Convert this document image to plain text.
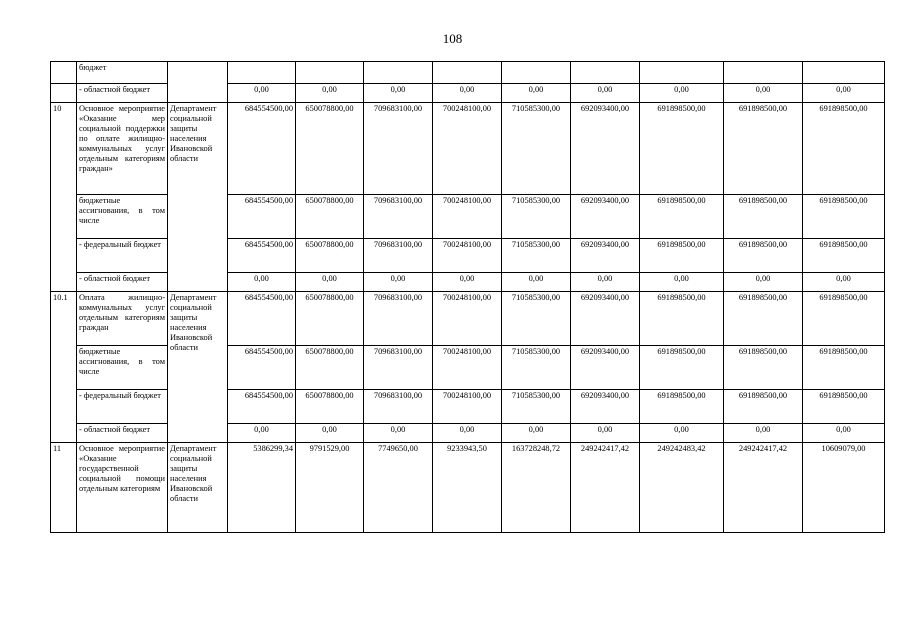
108
	бюджет										
	- областной бюджет		0,00	0,00	0,00	0,00	0,00	0,00	0,00	0,00	0,00
10	Основное мероприятие «Оказание мер социальной поддержки по оплате жилищно-коммунальных услуг отдельным категориям граждан»	Департамент социальной защиты населения Ивановской области	684554500,00	650078800,00	709683100,00	700248100,00	710585300,00	692093400,00	691898500,00	691898500,00	691898500,00
	бюджетные ассигнования, в том числе		684554500,00	650078800,00	709683100,00	700248100,00	710585300,00	692093400,00	691898500,00	691898500,00	691898500,00
	- федеральный бюджет		684554500,00	650078800,00	709683100,00	700248100,00	710585300,00	692093400,00	691898500,00	691898500,00	691898500,00
	- областной бюджет		0,00	0,00	0,00	0,00	0,00	0,00	0,00	0,00	0,00
10.1	Оплата жилищно-коммунальных услуг отдельным категориям граждан	Департамент социальной защиты населения Ивановской области	684554500,00	650078800,00	709683100,00	700248100,00	710585300,00	692093400,00	691898500,00	691898500,00	691898500,00
	бюджетные ассигнования, в том числе		684554500,00	650078800,00	709683100,00	700248100,00	710585300,00	692093400,00	691898500,00	691898500,00	691898500,00
	- федеральный бюджет		684554500,00	650078800,00	709683100,00	700248100,00	710585300,00	692093400,00	691898500,00	691898500,00	691898500,00
	- областной бюджет		0,00	0,00	0,00	0,00	0,00	0,00	0,00	0,00	0,00
11	Основное мероприятие «Оказание государственной социальной помощи отдельным категориям	Департамент социальной защиты населения Ивановской области	5386299,34	9791529,00	7749650,00	9233943,50	163728248,72	249242417,42	249242483,42	249242417,42	10609079,00
